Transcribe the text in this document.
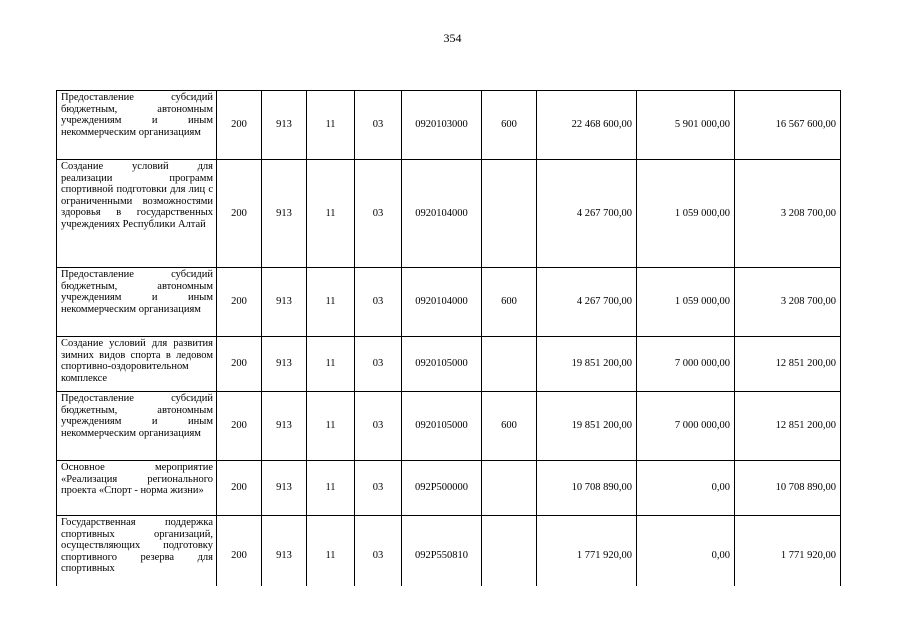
354
Предоставление субсидий бюджетным, автономным учреждениям и иным некоммерческим организациям	200	913	11	03	0920103000	600	22 468 600,00	5 901 000,00	16 567 600,00
Создание условий для реализации программ спортивной подготовки для лиц с ограниченными возможностями здоровья в государственных учреждениях Республики Алтай	200	913	11	03	0920104000		4 267 700,00	1 059 000,00	3 208 700,00
Предоставление субсидий бюджетным, автономным учреждениям и иным некоммерческим организациям	200	913	11	03	0920104000	600	4 267 700,00	1 059 000,00	3 208 700,00
Создание условий для развития зимних видов спорта в ледовом спортивно-оздоровительном комплексе	200	913	11	03	0920105000		19 851 200,00	7 000 000,00	12 851 200,00
Предоставление субсидий бюджетным, автономным учреждениям и иным некоммерческим организациям	200	913	11	03	0920105000	600	19 851 200,00	7 000 000,00	12 851 200,00
Основное мероприятие «Реализация регионального проекта «Спорт - норма жизни»	200	913	11	03	092P500000		10 708 890,00	0,00	10 708 890,00
Государственная поддержка спортивных организаций, осуществляющих подготовку спортивного резерва для спортивных	200	913	11	03	092P550810		1 771 920,00	0,00	1 771 920,00
